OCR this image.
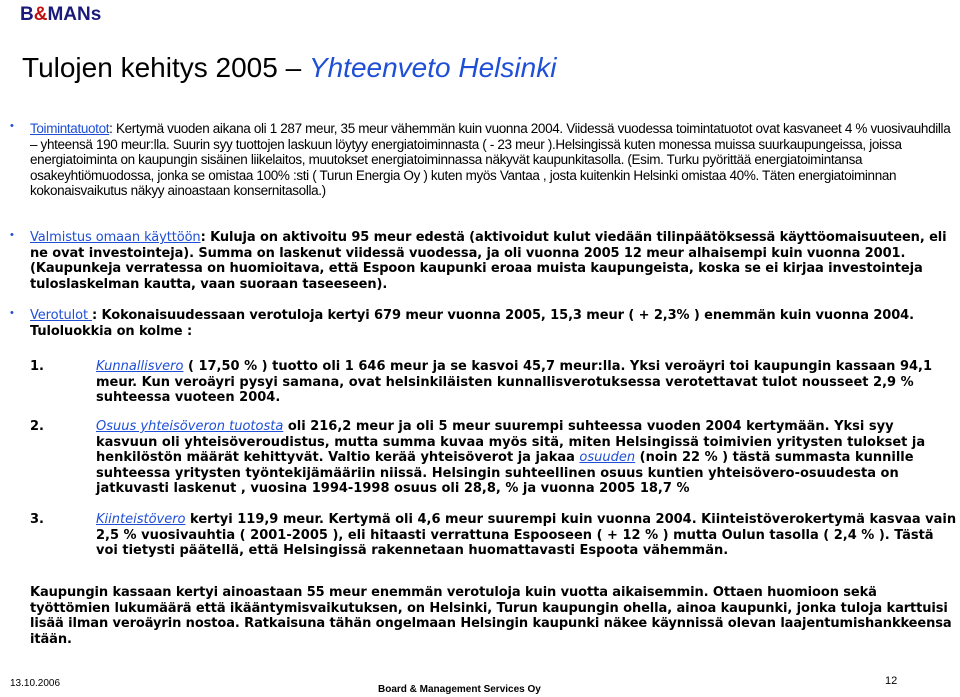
B&MANs
Tulojen kehitys 2005 – Yhteenveto Helsinki
• Toimintatuotot: Kertymä vuoden aikana oli 1 287 meur, 35 meur vähemmän kuin vuonna 2004. Viidessä vuodessa toimintatuotot ovat kasvaneet 4 % vuosivauhdilla – yhteensä 190 meur:lla. Suurin syy tuottojen laskuun löytyy energiatoiminnasta ( - 23 meur ).Helsingissä kuten monessa muissa suurkaupungeissa, joissa energiatoiminta on kaupungin sisäinen liikelaitos, muutokset energiatoiminnassa näkyvät kaupunkitasolla. (Esim. Turku pyörittää energiatoimintansa osakeyhtiömuodossa, jonka se omistaa 100% :sti ( Turun Energia Oy ) kuten myös Vantaa , josta kuitenkin Helsinki omistaa 40%. Täten energiatoiminnan kokonaisvaikutus näkyy ainoastaan konsernitasolla.)
• Valmistus omaan käyttöön: Kuluja on aktivoitu 95 meur edestä (aktivoidut kulut viedään tilinpäätöksessä käyttöomaisuuteen, eli ne ovat investointeja). Summa on laskenut viidessä vuodessa, ja oli vuonna 2005 12 meur alhaisempi kuin vuonna 2001. (Kaupunkeja verratessa on huomioitava, että Espoon kaupunki eroaa muista kaupungeista, koska se ei kirjaa investointeja tuloslaskelman kautta, vaan suoraan taseeseen).
• Verotulot : Kokonaisuudessaan verotuloja kertyi 679 meur vuonna 2005, 15,3 meur ( + 2,3% ) enemmän kuin vuonna 2004. Tuloluokkia on kolme :
1.	Kunnallisvero ( 17,50 % ) tuotto oli 1 646 meur ja se kasvoi 45,7 meur:lla. Yksi veroäyri toi kaupungin kassaan 94,1 meur. Kun veroäyri pysyi samana, ovat helsinkiläisten kunnallisverotuksessa verotettavat tulot nousseet 2,9 % suhteessa vuoteen 2004.
2.	Osuus yhteisöveron tuotosta oli 216,2 meur ja oli 5 meur suurempi suhteessa vuoden 2004 kertymään. Yksi syy kasvuun oli yhteisöveroudistus, mutta summa kuvaa myös sitä, miten Helsingissä toimivien yritysten tulokset ja henkilöstön määrät kehittyvät. Valtio kerää yhteisöverot ja jakaa osuuden (noin 22 % ) tästä summasta kunnille suhteessa yritysten työntekijämääriin niissä. Helsingin suhteellinen osuus kuntien yhteisövero-osuudesta on jatkuvasti laskenut , vuosina 1994-1998 osuus oli 28,8, % ja vuonna 2005 18,7 %
3.	Kiinteistövero kertyi 119,9 meur. Kertymä oli 4,6 meur suurempi kuin vuonna 2004. Kiinteistöverokertymä kasvaa vain 2,5 % vuosivauhtia ( 2001-2005 ), eli hitaasti verrattuna Espooseen ( + 12 % ) mutta Oulun tasolla ( 2,4 % ). Tästä voi tietysti päätellä, että Helsingissä rakennetaan huomattavasti Espoota vähemmän.
Kaupungin kassaan kertyi ainoastaan 55 meur enemmän verotuloja kuin vuotta aikaisemmin. Ottaen huomioon sekä työttömien lukumäärä että ikääntymisvaikutuksen, on Helsinki, Turun kaupungin ohella, ainoa kaupunki, jonka tuloja karttuisi lisää ilman veroäyrin nostoa. Ratkaisuna tähän ongelmaan Helsingin kaupunki näkee käynnissä olevan laajentumishankkeensa itään.
13.10.2006
Board & Management Services Oy
12
